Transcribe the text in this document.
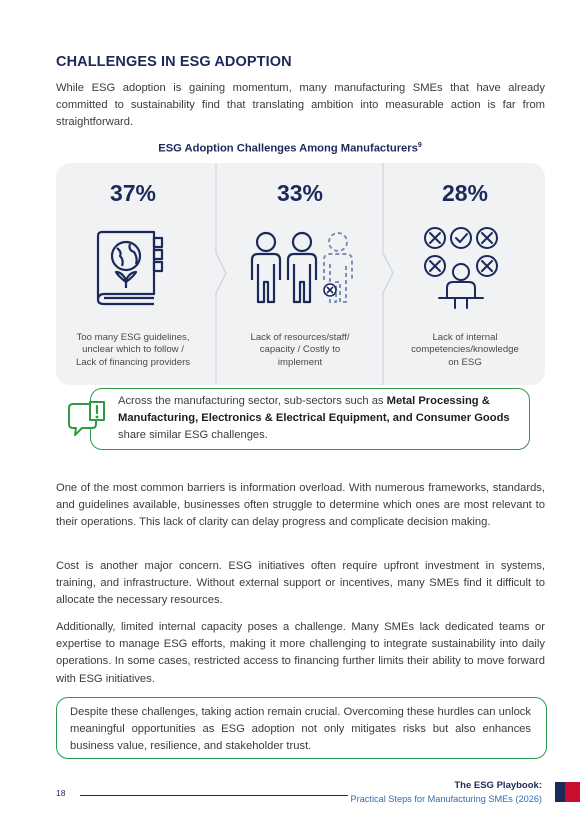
CHALLENGES IN ESG ADOPTION
While ESG adoption is gaining momentum, many manufacturing SMEs that have already committed to sustainability find that translating ambition into measurable action is far from straightforward.
ESG Adoption Challenges Among Manufacturers$^9$
37%
Too many ESG guidelines,
unclear which to follow /
Lack of financing providers
33%
Lack of resources/staff/
capacity / Costly to
implement
28%
Lack of internal
competencies/knowledge
on ESG
Across the manufacturing sector, sub-sectors such as Metal Processing & Manufacturing, Electronics & Electrical Equipment, and Consumer Goods share similar ESG challenges.
One of the most common barriers is information overload. With numerous frameworks, standards, and guidelines available, businesses often struggle to determine which ones are most relevant to their operations. This lack of clarity can delay progress and complicate decision making.
Cost is another major concern. ESG initiatives often require upfront investment in systems, training, and infrastructure. Without external support or incentives, many SMEs find it difficult to allocate the necessary resources.
Additionally, limited internal capacity poses a challenge. Many SMEs lack dedicated teams or expertise to manage ESG efforts, making it more challenging to integrate sustainability into daily operations. In some cases, restricted access to financing further limits their ability to move forward with ESG initiatives.
Despite these challenges, taking action remain crucial. Overcoming these hurdles can unlock meaningful opportunities as ESG adoption not only mitigates risks but also enhances business value, resilience, and stakeholder trust.
18
The ESG Playbook:
Practical Steps for Manufacturing SMEs (2026)
